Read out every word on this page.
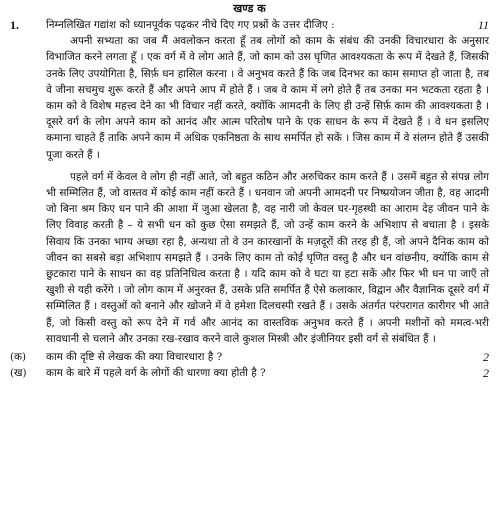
खण्ड क
1.	निम्नलिखित गद्यांश को ध्यानपूर्वक पढ़कर नीचे दिए गए प्रश्नों के उत्तर दीजिए :	11

अपनी सभ्यता का जब मैं अवलोकन करता हूँ तब लोगों को काम के संबंध की उनकी विचारधारा के अनुसार विभाजित करने लगता हूँ । एक वर्ग में वे लोग आते हैं, जो काम को उस घृणित आवश्यकता के रूप में देखते हैं, जिसकी उनके लिए उपयोगिता है, सिर्फ़ धन हासिल करना । वे अनुभव करते हैं कि जब दिनभर का काम समाप्त हो जाता है, तब वे जीना सचमुच शुरू करते हैं और अपने आप में होते हैं । जब वे काम में लगे होते हैं तब उनका मन भटकता रहता है । काम को वे विशेष महत्त्व देने का भी विचार नहीं करते, क्योंकि आमदनी के लिए ही उन्हें सिर्फ़ काम की आवश्यकता है । दूसरे वर्ग के लोग अपने काम को आनंद और आत्म परितोष पाने के एक साधन के रूप में देखते हैं । वे धन इसलिए कमाना चाहते हैं ताकि अपने काम में अधिक एकनिष्ठता के साथ समर्पित हो सकें । जिस काम में वे संलग्न होते हैं उसकी पूजा करते हैं ।

पहले वर्ग में केवल वे लोग ही नहीं आते, जो बहुत कठिन और अरुचिकर काम करते हैं । उसमें बहुत से संपन्न लोग भी सम्मिलित हैं, जो वास्तव में कोई काम नहीं करते हैं । धनवान जो अपनी आमदनी पर निष्प्रयोजन जीता है, वह आदमी जो बिना श्रम किए धन पाने की आशा में जुआ खेलता है, वह नारी जो केवल घर-गृहस्थी का आराम देह जीवन पाने के लिए विवाह करती है – ये सभी धन को कुछ ऐसा समझते हैं, जो उन्हें काम करने के अभिशाप से बचाता है । इसके सिवाय कि उनका भाग्य अच्छा रहा है, अन्यथा तो वे उन कारखानों के मज़दूरों की तरह ही हैं, जो अपने दैनिक काम को जीवन का सबसे बड़ा अभिशाप समझते हैं । उनके लिए काम तो कोई घृणित वस्तु है और धन वांछनीय, क्योंकि काम से छुटकारा पाने के साधन का वह प्रतिनिधित्व करता है । यदि काम को वे घटा या हटा सकें और फिर भी धन पा जाएँ तो खुशी से यही करेंगे । जो लोग काम में अनुरक्त हैं, उसके प्रति समर्पित हैं ऐसे कलाकार, विद्वान और वैज्ञानिक दूसरे वर्ग में सम्मिलित हैं । वस्तुओं को बनाने और खोजने में वे हमेशा दिलचस्पी रखते हैं । उसके अंतर्गत परंपरागत कारीगर भी आते हैं, जो किसी वस्तु को रूप देने में गर्व और आनंद का वास्तविक अनुभव करते हैं । अपनी मशीनों को ममत्व-भरी सावधानी से चलाने और उनका रख-रखाव करने वाले कुशल मिस्त्री और इंजीनियर इसी वर्ग से संबंधित हैं ।

(क)	काम की दृष्टि से लेखक की क्या विचारधारा है ?	2
(ख)	काम के बारे में पहले वर्ग के लोगों की धारणा क्या होती है ?	2
